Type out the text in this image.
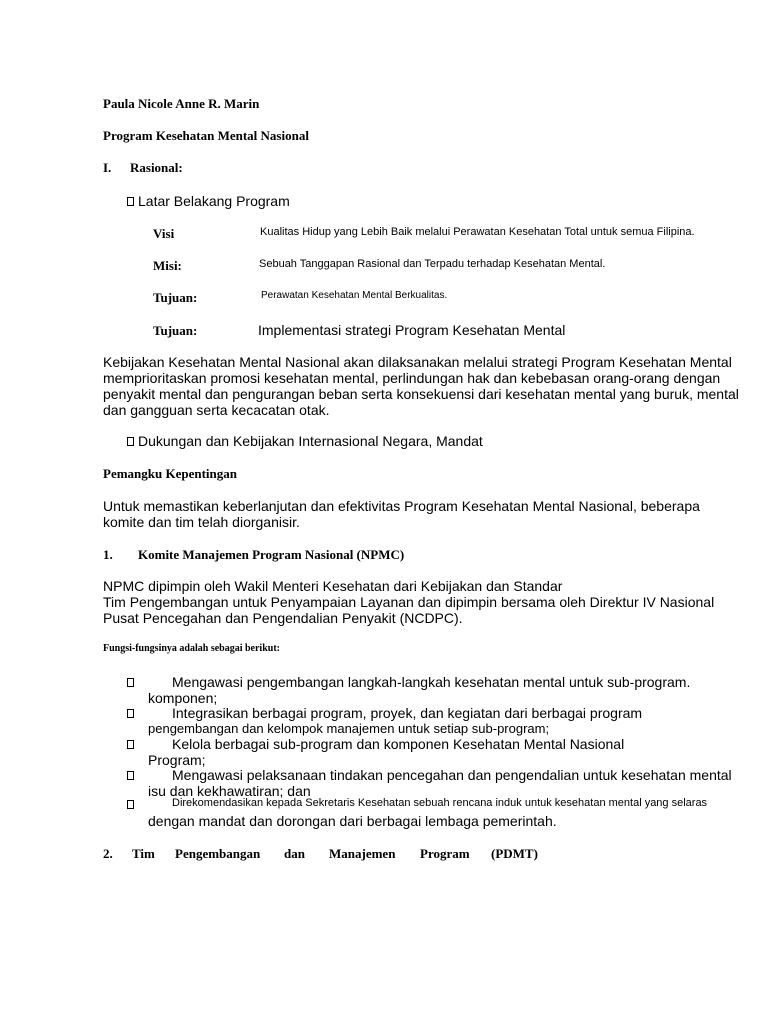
Paula Nicole Anne R. Marin
Program Kesehatan Mental Nasional
I. Rasional:
Latar Belakang Program
Visi	Kualitas Hidup yang Lebih Baik melalui Perawatan Kesehatan Total untuk semua Filipina.
Misi:	Sebuah Tanggapan Rasional dan Terpadu terhadap Kesehatan Mental.
Tujuan:	Perawatan Kesehatan Mental Berkualitas.
Tujuan:	Implementasi strategi Program Kesehatan Mental
Kebijakan Kesehatan Mental Nasional akan dilaksanakan melalui strategi Program Kesehatan Mental memprioritaskan promosi kesehatan mental, perlindungan hak dan kebebasan orang-orang dengan penyakit mental dan pengurangan beban serta konsekuensi dari kesehatan mental yang buruk, mental dan gangguan serta kecacatan otak.
Dukungan dan Kebijakan Internasional Negara, Mandat
Pemangku Kepentingan
Untuk memastikan keberlanjutan dan efektivitas Program Kesehatan Mental Nasional, beberapa komite dan tim telah diorganisir.
1. Komite Manajemen Program Nasional (NPMC)
NPMC dipimpin oleh Wakil Menteri Kesehatan dari Kebijakan dan Standar
Tim Pengembangan untuk Penyampaian Layanan dan dipimpin bersama oleh Direktur IV Nasional
Pusat Pencegahan dan Pengendalian Penyakit (NCDPC).
Fungsi-fungsinya adalah sebagai berikut:
Mengawasi pengembangan langkah-langkah kesehatan mental untuk sub-program.
komponen;
Integrasikan berbagai program, proyek, dan kegiatan dari berbagai program
pengembangan dan kelompok manajemen untuk setiap sub-program;
Kelola berbagai sub-program dan komponen Kesehatan Mental Nasional
Program;
Mengawasi pelaksanaan tindakan pencegahan dan pengendalian untuk kesehatan mental
isu dan kekhawatiran; dan
Direkomendasikan kepada Sekretaris Kesehatan sebuah rencana induk untuk kesehatan mental yang selaras
dengan mandat dan dorongan dari berbagai lembaga pemerintah.
2. Tim Pengembangan dan Manajemen Program (PDMT)
